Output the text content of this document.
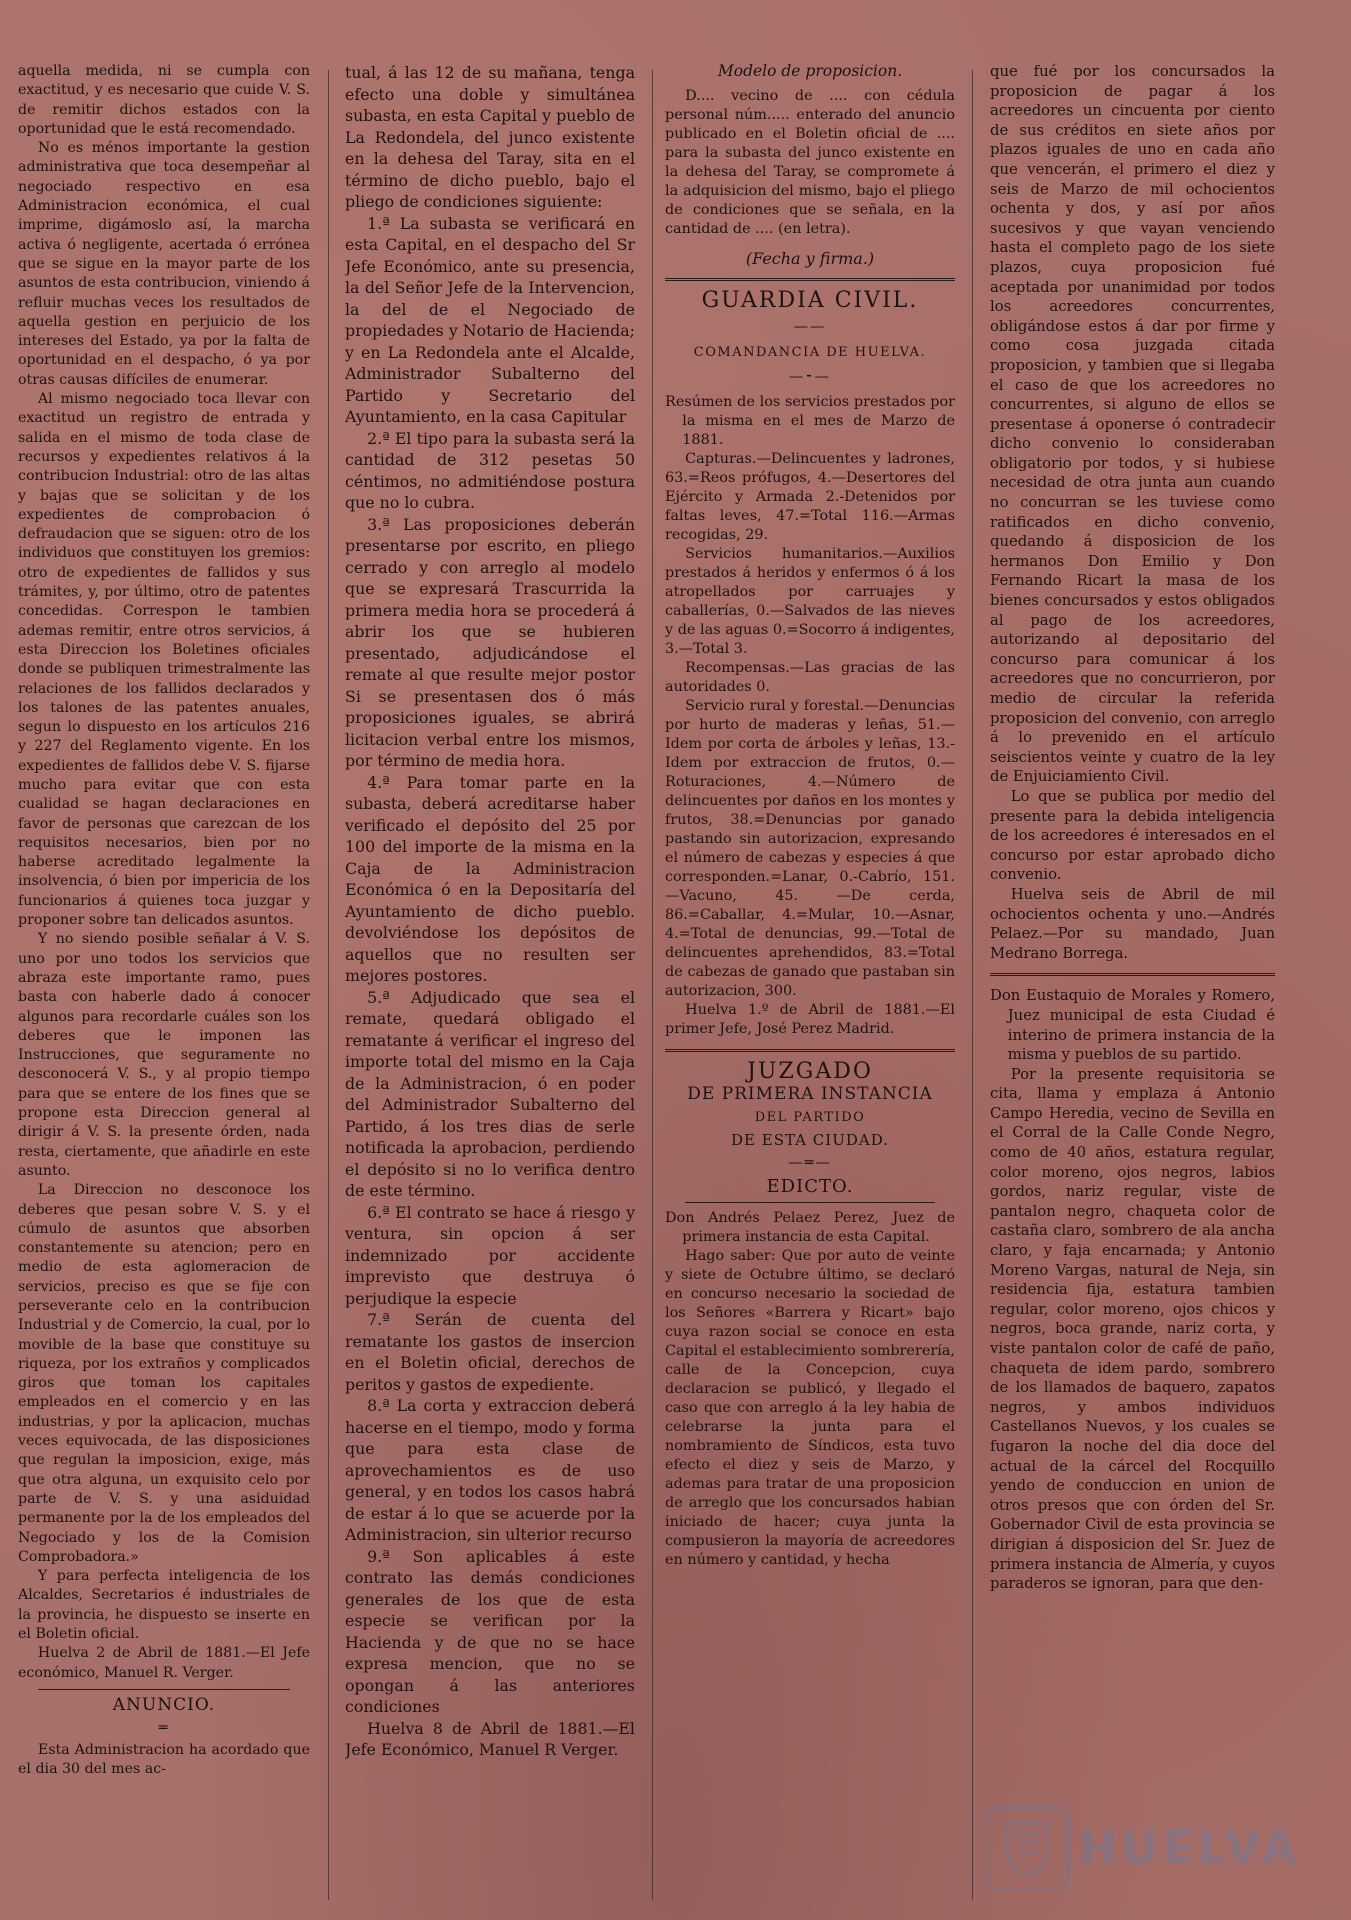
aquella medida, ni se cumpla con exactitud, y es necesario que cuide V. S. de remitir dichos estados con la oportunidad que le está recomendado.

No es ménos importante la gestion administrativa que toca desempeñar al negociado respectivo en esa Administracion económica, el cual imprime, digámoslo así, la marcha activa ó negligente, acertada ó errónea que se sigue en la mayor parte de los asuntos de esta contribucion, viniendo á refluir muchas veces los resultados de aquella gestion en perjuicio de los intereses del Estado, ya por la falta de oportunidad en el despacho, ó ya por otras causas difíciles de enumerar.

Al mismo negociado toca llevar con exactitud un registro de entrada y salida en el mismo de toda clase de recursos y expedientes relativos á la contribucion Industrial: otro de las altas y bajas que se solicitan y de los expedientes de comprobacion ó defraudacion que se siguen: otro de los individuos que constituyen los gremios: otro de expedientes de fallidos y sus trámites, y, por último, otro de patentes concedidas. Correspon le tambien ademas remitir, entre otros servicios, á esta Direccion los Boletines oficiales donde se publiquen trimestralmente las relaciones de los fallidos declarados y los talones de las patentes anuales, segun lo dispuesto en los artículos 216 y 227 del Reglamento vigente. En los expedientes de fallidos debe V. S. fijarse mucho para evitar que con esta cualidad se hagan declaraciones en favor de personas que carezcan de los requisitos necesarios, bien por no haberse acreditado legalmente la insolvencia, ó bien por impericia de los funcionarios á quienes toca juzgar y proponer sobre tan delicados asuntos.

Y no siendo posible señalar á V. S. uno por uno todos los servicios que abraza este importante ramo, pues basta con haberle dado á conocer algunos para recordarle cuáles son los deberes que le imponen las Instrucciones, que seguramente no desconocerá V. S., y al propio tiempo para que se entere de los fines que se propone esta Direccion general al dirigir á V. S. la presente órden, nada resta, ciertamente, que añadirle en este asunto.

La Direccion no desconoce los deberes que pesan sobre V. S. y el cúmulo de asuntos que absorben constantemente su atencion; pero en medio de esta aglomeracion de servicios, preciso es que se fije con perseverante celo en la contribucion Industrial y de Comercio, la cual, por lo movible de la base que constituye su riqueza, por los extraños y complicados giros que toman los capitales empleados en el comercio y en las industrias, y por la aplicacion, muchas veces equivocada, de las disposiciones que regulan la imposicion, exige, más que otra alguna, un exquisito celo por parte de V. S. y una asiduidad permanente por la de los empleados del Negociado y los de la Comision Comprobadora.»

Y para perfecta inteligencia de los Alcaldes, Secretarios é industriales de la provincia, he dispuesto se inserte en el Boletin oficial.

Huelva 2 de Abril de 1881.—El Jefe económico, Manuel R. Verger.

ANUNCIO.
═

Esta Administracion ha acordado que el dia 30 del mes ac-

tual, á las 12 de su mañana, tenga efecto una doble y simultánea subasta, en esta Capital y pueblo de La Redondela, del junco existente en la dehesa del Taray, sita en el término de dicho pueblo, bajo el pliego de condiciones siguiente:

1.ª La subasta se verificará en esta Capital, en el despacho del Sr Jefe Económico, ante su presencia, la del Señor Jefe de la Intervencion, la del de el Negociado de propiedades y Notario de Hacienda; y en La Redondela ante el Alcalde, Administrador Subalterno del Partido y Secretario del Ayuntamiento, en la casa Capitular

2.ª El tipo para la subasta será la cantidad de 312 pesetas 50 céntimos, no admitiéndose postura que no lo cubra.

3.ª Las proposiciones deberán presentarse por escrito, en pliego cerrado y con arreglo al modelo que se expresará Trascurrida la primera media hora se procederá á abrir los que se hubieren presentado, adjudicándose el remate al que resulte mejor postor Si se presentasen dos ó más proposiciones iguales, se abrirá licitacion verbal entre los mismos, por término de media hora.

4.ª Para tomar parte en la subasta, deberá acreditarse haber verificado el depósito del 25 por 100 del importe de la misma en la Caja de la Administracion Económica ó en la Depositaría del Ayuntamiento de dicho pueblo. devolviéndose los depósitos de aquellos que no resulten ser mejores postores.

5.ª Adjudicado que sea el remate, quedará obligado el rematante á verificar el ingreso del importe total del mismo en la Caja de la Administracion, ó en poder del Administrador Subalterno del Partido, á los tres dias de serle notificada la aprobacion, perdiendo el depósito si no lo verifica dentro de este término.

6.ª El contrato se hace á riesgo y ventura, sin opcion á ser indemnizado por accidente imprevisto que destruya ó perjudique la especie

7.ª Serán de cuenta del rematante los gastos de insercion en el Boletin oficial, derechos de peritos y gastos de expediente.

8.ª La corta y extraccion deberá hacerse en el tiempo, modo y forma que para esta clase de aprovechamientos es de uso general, y en todos los casos habrá de estar á lo que se acuerde por la Administracion, sin ulterior recurso

9.ª Son aplicables á este contrato las demás condiciones generales de los que de esta especie se verifican por la Hacienda y de que no se hace expresa mencion, que no se opongan á las anteriores condiciones

Huelva 8 de Abril de 1881.—El Jefe Económico, Manuel R Verger.

Modelo de proposicion.

D.... vecino de .... con cédula personal núm..... enterado del anuncio publicado en el Boletin oficial de .... para la subasta del junco existente en la dehesa del Taray, se compromete á la adquisicion del mismo, bajo el pliego de condiciones que se señala, en la cantidad de .... (en letra).

(Fecha y firma.)
GUARDIA CIVIL.
——
COMANDANCIA DE HUELVA.
—⁃—

Resúmen de los servicios prestados por la misma en el mes de Marzo de 1881.

Capturas.—Delincuentes y ladrones, 63.=Reos prófugos, 4.—Desertores del Ejército y Armada 2.-Detenidos por faltas leves, 47.=Total 116.—Armas recogidas, 29.

Servicios humanitarios.—Auxilios prestados á heridos y enfermos ó á los atropellados por carruajes y caballerías, 0.—Salvados de las nieves y de las aguas 0.=Socorro á indigentes, 3.—Total 3.

Recompensas.—Las gracias de las autoridades 0.

Servicio rural y forestal.—Denuncias por hurto de maderas y leñas, 51.—Idem por corta de árboles y leñas, 13.-Idem por extraccion de frutos, 0.—Roturaciones, 4.—Número de delincuentes por daños en los montes y frutos, 38.=Denuncias por ganado pastando sin autorizacion, expresando el número de cabezas y especies á que corresponden.=Lanar, 0.-Cabrío, 151.—Vacuno, 45. —De cerda, 86.=Caballar, 4.=Mular, 10.—Asnar, 4.=Total de denuncias, 99.—Total de delincuentes aprehendidos, 83.=Total de cabezas de ganado que pastaban sin autorizacion, 300.

Huelva 1.º de Abril de 1881.—El primer Jefe, José Perez Madrid.

JUZGADO
DE PRIMERA INSTANCIA
DEL PARTIDO
DE ESTA CIUDAD.
—═—
EDICTO.

Don Andrés Pelaez Perez, Juez de primera instancia de esta Capital.

Hago saber: Que por auto de veinte y siete de Octubre último, se declaró en concurso necesario la sociedad de los Señores «Barrera y Ricart» bajo cuya razon social se conoce en esta Capital el establecimiento sombrerería, calle de la Concepcion, cuya declaracion se publicó, y llegado el caso que con arreglo á la ley habia de celebrarse la junta para el nombramiento de Síndicos, esta tuvo efecto el diez y seis de Marzo, y ademas para tratar de una proposicion de arreglo que los concursados habian iniciado de hacer; cuya junta la compusieron la mayoría de acreedores en número y cantidad, y hecha

que fué por los concursados la proposicion de pagar á los acreedores un cincuenta por ciento de sus créditos en siete años por plazos iguales de uno en cada año que vencerán, el primero el diez y seis de Marzo de mil ochocientos ochenta y dos, y así por años sucesivos y que vayan venciendo hasta el completo pago de los siete plazos, cuya proposicion fué aceptada por unanimidad por todos los acreedores concurrentes, obligándose estos á dar por firme y como cosa juzgada citada proposicion, y tambien que si llegaba el caso de que los acreedores no concurrentes, si alguno de ellos se presentase á oponerse ó contradecir dicho convenio lo consideraban obligatorio por todos, y si hubiese necesidad de otra junta aun cuando no concurran se les tuviese como ratificados en dicho convenio, quedando á disposicion de los hermanos Don Emilio y Don Fernando Ricart la masa de los bienes concursados y estos obligados al pago de los acreedores, autorizando al depositario del concurso para comunicar á los acreedores que no concurrieron, por medio de circular la referida proposicion del convenio, con arreglo á lo prevenido en el artículo seiscientos veinte y cuatro de la ley de Enjuiciamiento Civil.

Lo que se publica por medio del presente para la debida inteligencia de los acreedores é interesados en el concurso por estar aprobado dicho convenio.

Huelva seis de Abril de mil ochocientos ochenta y uno.—Andrés Pelaez.—Por su mandado, Juan Medrano Borrega.

Don Eustaquio de Morales y Romero, Juez municipal de esta Ciudad é interino de primera instancia de la misma y pueblos de su partido.

Por la presente requisitoria se cita, llama y emplaza á Antonio Campo Heredia, vecino de Sevilla en el Corral de la Calle Conde Negro, como de 40 años, estatura regular, color moreno, ojos negros, labios gordos, nariz regular, viste de pantalon negro, chaqueta color de castaña claro, sombrero de ala ancha claro, y faja encarnada; y Antonio Moreno Vargas, natural de Neja, sin residencia fija, estatura tambien regular, color moreno, ojos chicos y negros, boca grande, nariz corta, y viste pantalon color de café de paño, chaqueta de idem pardo, sombrero de los llamados de baquero, zapatos negros, y ambos individuos Castellanos Nuevos, y los cuales se fugaron la noche del dia doce del actual de la cárcel del Rocquillo yendo de conduccion en union de otros presos que con órden del Sr. Gobernador Civil de esta provincia se dirigian á disposicion del Sr. Juez de primera instancia de Almería, y cuyos paraderos se ignoran, para que den-

HUELVA
